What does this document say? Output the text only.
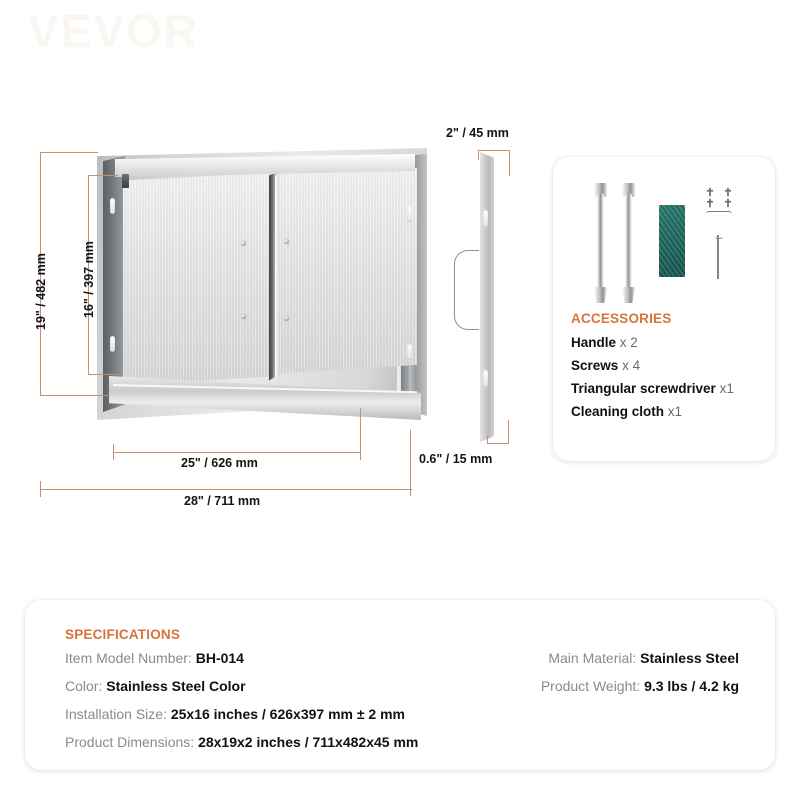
VEVOR
19" / 482 mm	16" / 397 mm
25" / 626 mm
28" / 711 mm
2" / 45 mm
0.6" / 15 mm
✝ ✝
✝ ✝
ACCESSORIES
Handle x 2
Screws x 4
Triangular screwdriver x1
Cleaning cloth x1
SPECIFICATIONS
Item Model Number: BH-014
Color: Stainless Steel Color
Installation Size: 25x16 inches / 626x397 mm ± 2 mm
Product Dimensions: 28x19x2 inches / 711x482x45 mm
Main Material: Stainless Steel
Product Weight: 9.3 lbs / 4.2 kg
